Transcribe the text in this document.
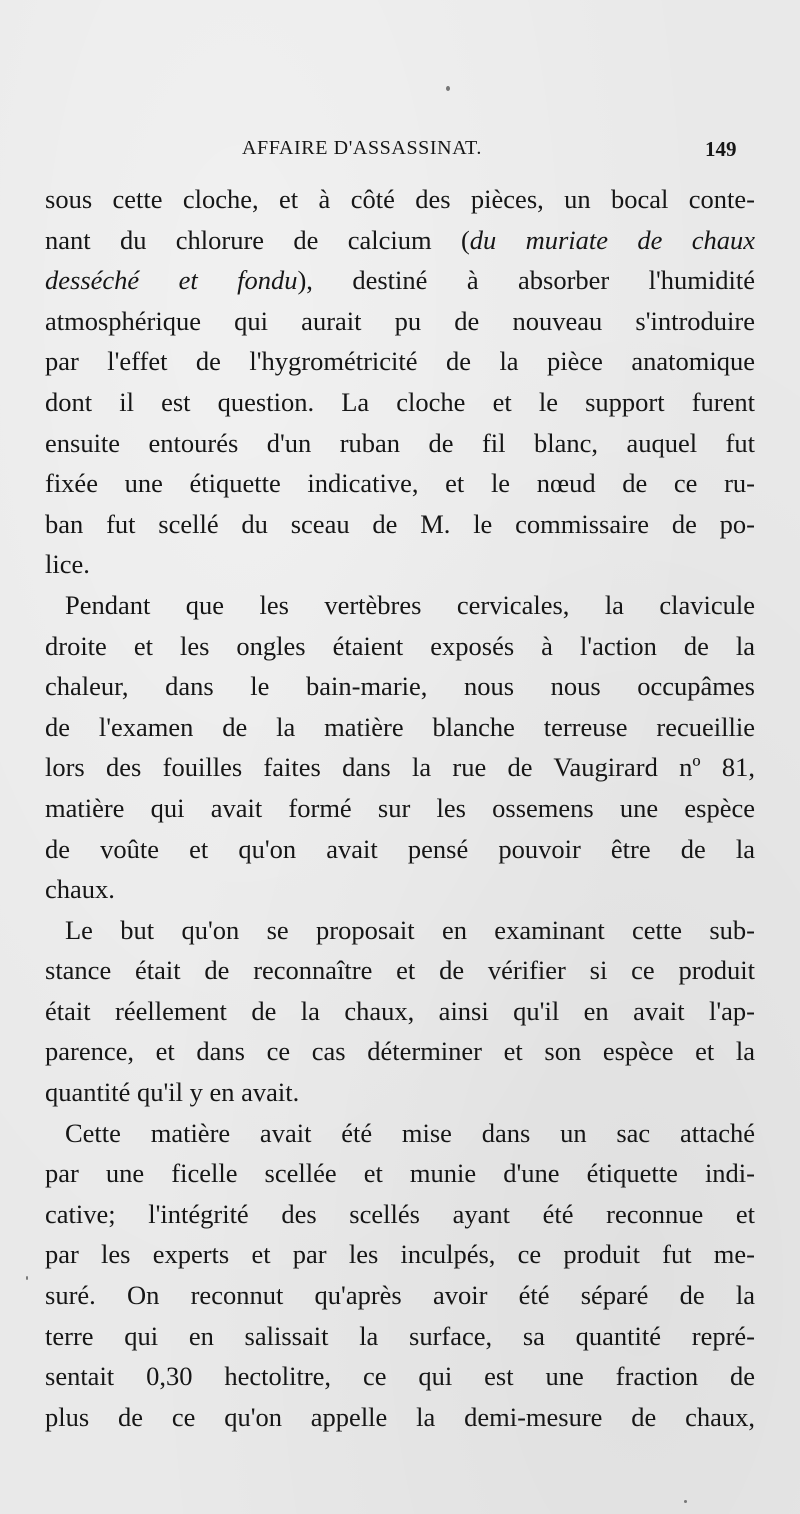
AFFAIRE D'ASSASSINAT.	149
sous cette cloche, et à côté des pièces, un bocal conte-
nant du chlorure de calcium (du muriate de chaux
desséché et fondu), destiné à absorber l'humidité
atmosphérique qui aurait pu de nouveau s'introduire
par l'effet de l'hygrométricité de la pièce anatomique
dont il est question. La cloche et le support furent
ensuite entourés d'un ruban de fil blanc, auquel fut
fixée une étiquette indicative, et le nœud de ce ru-
ban fut scellé du sceau de M. le commissaire de po-
lice.
Pendant que les vertèbres cervicales, la clavicule
droite et les ongles étaient exposés à l'action de la
chaleur, dans le bain-marie, nous nous occupâmes
de l'examen de la matière blanche terreuse recueillie
lors des fouilles faites dans la rue de Vaugirard nº 81,
matière qui avait formé sur les ossemens une espèce
de voûte et qu'on avait pensé pouvoir être de la
chaux.
Le but qu'on se proposait en examinant cette sub-
stance était de reconnaître et de vérifier si ce produit
était réellement de la chaux, ainsi qu'il en avait l'ap-
parence, et dans ce cas déterminer et son espèce et la
quantité qu'il y en avait.
Cette matière avait été mise dans un sac attaché
par une ficelle scellée et munie d'une étiquette indi-
cative; l'intégrité des scellés ayant été reconnue et
par les experts et par les inculpés, ce produit fut me-
suré. On reconnut qu'après avoir été séparé de la
terre qui en salissait la surface, sa quantité repré-
sentait 0,30 hectolitre, ce qui est une fraction de
plus de ce qu'on appelle la demi-mesure de chaux,
